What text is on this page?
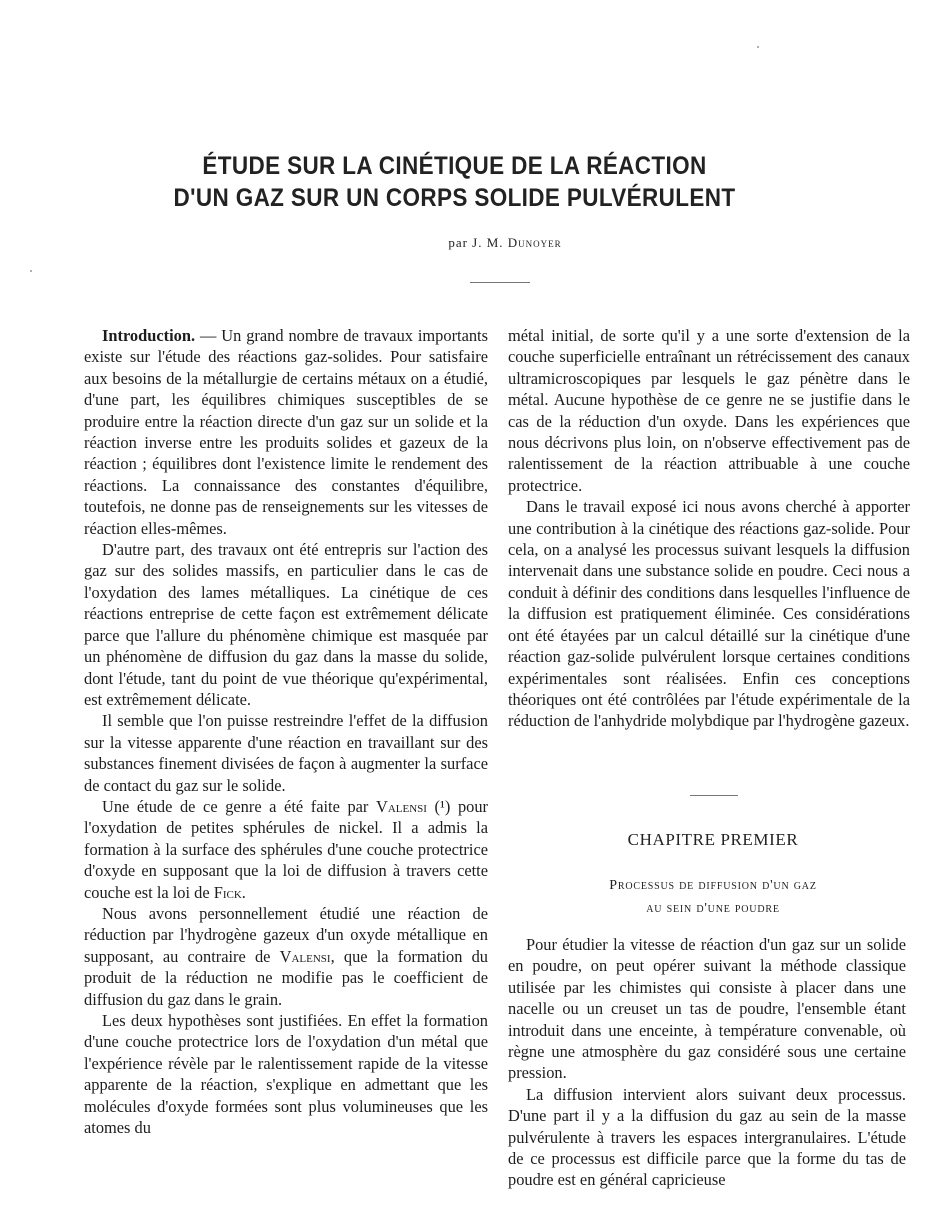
ÉTUDE SUR LA CINÉTIQUE DE LA RÉACTION
D'UN GAZ SUR UN CORPS SOLIDE PULVÉRULENT
par J. M. Dunoyer

Introduction. — Un grand nombre de travaux importants existe sur l'étude des réactions gaz-solides. Pour satisfaire aux besoins de la métallurgie de certains métaux on a étudié, d'une part, les équilibres chimiques susceptibles de se produire entre la réaction directe d'un gaz sur un solide et la réaction inverse entre les produits solides et gazeux de la réaction ; équilibres dont l'existence limite le rendement des réactions. La connaissance des constantes d'équilibre, toutefois, ne donne pas de renseignements sur les vitesses de réaction elles-mêmes.

D'autre part, des travaux ont été entrepris sur l'action des gaz sur des solides massifs, en particulier dans le cas de l'oxydation des lames métalliques. La cinétique de ces réactions entreprise de cette façon est extrêmement délicate parce que l'allure du phénomène chimique est masquée par un phénomène de diffusion du gaz dans la masse du solide, dont l'étude, tant du point de vue théorique qu'expérimental, est extrêmement délicate.

Il semble que l'on puisse restreindre l'effet de la diffusion sur la vitesse apparente d'une réaction en travaillant sur des substances finement divisées de façon à augmenter la surface de contact du gaz sur le solide.

Une étude de ce genre a été faite par Valensi (¹) pour l'oxydation de petites sphérules de nickel. Il a admis la formation à la surface des sphérules d'une couche protectrice d'oxyde en supposant que la loi de diffusion à travers cette couche est la loi de Fick.

Nous avons personnellement étudié une réaction de réduction par l'hydrogène gazeux d'un oxyde métallique en supposant, au contraire de Valensi, que la formation du produit de la réduction ne modifie pas le coefficient de diffusion du gaz dans le grain.

Les deux hypothèses sont justifiées. En effet la formation d'une couche protectrice lors de l'oxydation d'un métal que l'expérience révèle par le ralentissement rapide de la vitesse apparente de la réaction, s'explique en admettant que les molécules d'oxyde formées sont plus volumineuses que les atomes du

métal initial, de sorte qu'il y a une sorte d'extension de la couche superficielle entraînant un rétrécissement des canaux ultramicroscopiques par lesquels le gaz pénètre dans le métal. Aucune hypothèse de ce genre ne se justifie dans le cas de la réduction d'un oxyde. Dans les expériences que nous décrivons plus loin, on n'observe effectivement pas de ralentissement de la réaction attribuable à une couche protectrice.

Dans le travail exposé ici nous avons cherché à apporter une contribution à la cinétique des réactions gaz-solide. Pour cela, on a analysé les processus suivant lesquels la diffusion intervenait dans une substance solide en poudre. Ceci nous a conduit à définir des conditions dans lesquelles l'influence de la diffusion est pratiquement éliminée. Ces considérations ont été étayées par un calcul détaillé sur la cinétique d'une réaction gaz-solide pulvérulent lorsque certaines conditions expérimentales sont réalisées. Enfin ces conceptions théoriques ont été contrôlées par l'étude expérimentale de la réduction de l'anhydride molybdique par l'hydrogène gazeux.

CHAPITRE PREMIER
Processus de diffusion d'un gaz
au sein d'une poudre

Pour étudier la vitesse de réaction d'un gaz sur un solide en poudre, on peut opérer suivant la méthode classique utilisée par les chimistes qui consiste à placer dans une nacelle ou un creuset un tas de poudre, l'ensemble étant introduit dans une enceinte, à température convenable, où règne une atmosphère du gaz considéré sous une certaine pression.

La diffusion intervient alors suivant deux processus. D'une part il y a la diffusion du gaz au sein de la masse pulvérulente à travers les espaces intergranulaires. L'étude de ce processus est difficile parce que la forme du tas de poudre est en général capricieuse
